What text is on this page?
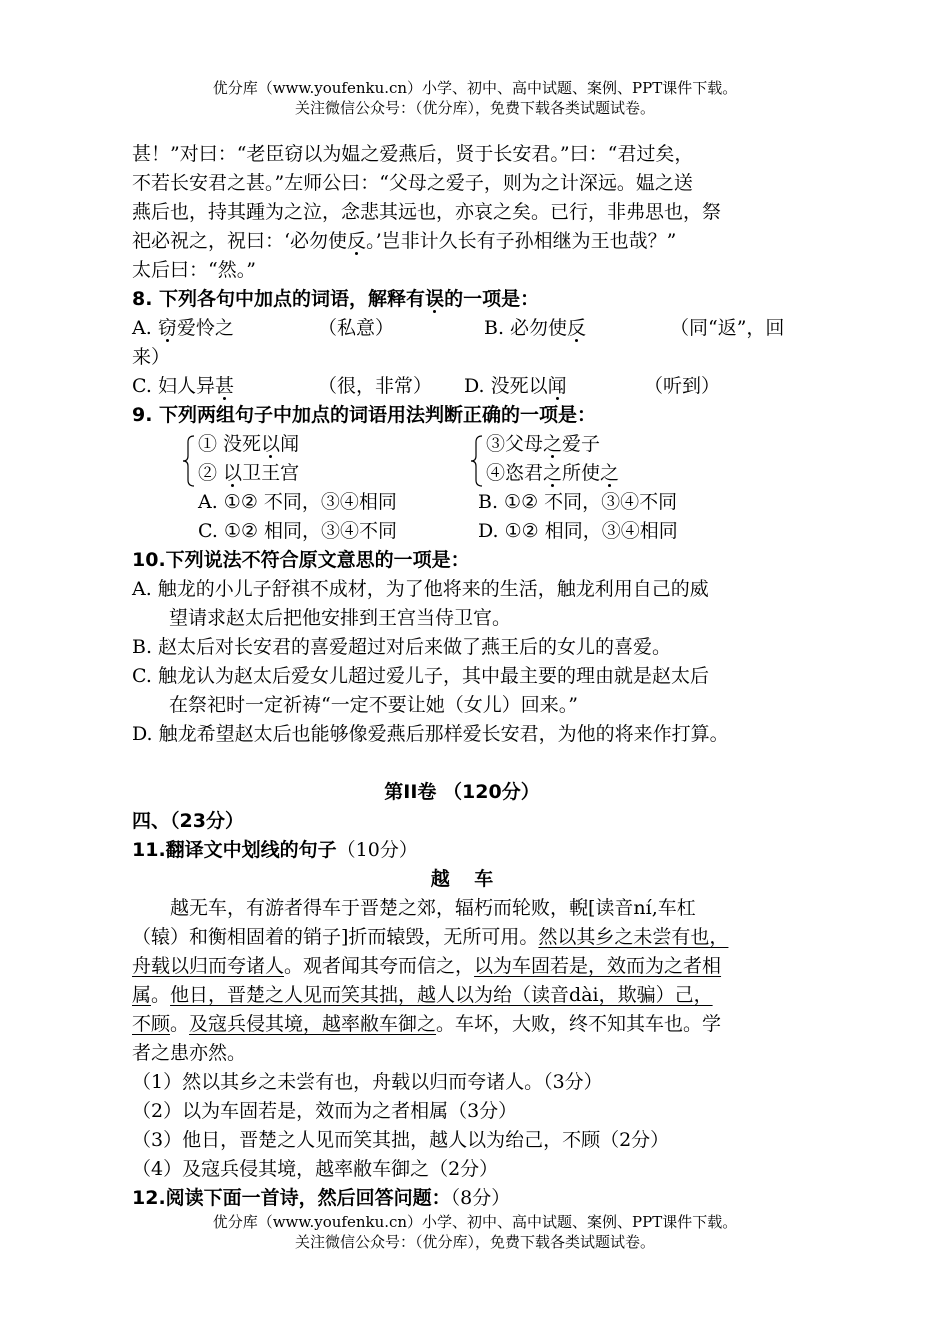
优分库（www.youfenku.cn）小学、初中、高中试题、案例、PPT课件下载。
关注微信公众号：（优分库），免费下载各类试题试卷。
甚！”对曰：“老臣窃以为媪之爱燕后，贤于长安君。”曰：“君过矣，
不若长安君之甚。”左师公曰：“父母之爱子，则为之计深远。媪之送
燕后也，持其踵为之泣，念悲其远也，亦哀之矣。已行，非弗思也，祭
祀必祝之，祝曰：‘必勿使反。’岂非计久长有子孙相继为王也哉？”
太后曰：“然。”
8. 下列各句中加点的词语，解释有误的一项是：
A. 窃爱怜之	（私意）	B. 必勿使反	（同“返”，回
来）
C. 妇人异甚	（很，非常） D. 没死以闻	（听到）
9. 下列两组句子中加点的词语用法判断正确的一项是：
① 没死以闻
② 以卫王宫
③父母之爱子
④恣君之所使之
A. ①② 不同，③④相同	B. ①② 不同，③④不同
C. ①② 相同，③④不同	D. ①② 相同，③④相同
10.下列说法不符合原文意思的一项是：
A. 触龙的小儿子舒祺不成材，为了他将来的生活，触龙利用自己的威
望请求赵太后把他安排到王宫当侍卫官。
B. 赵太后对长安君的喜爱超过对后来做了燕王后的女儿的喜爱。
C. 触龙认为赵太后爱女儿超过爱儿子，其中最主要的理由就是赵太后
在祭祀时一定祈祷“一定不要让她（女儿）回来。”
D. 触龙希望赵太后也能够像爱燕后那样爱长安君，为他的将来作打算。
第II卷 （120分）
四、（23分）
11.翻译文中划线的句子（10分）
越 车
越无车，有游者得车于晋楚之郊，辐朽而轮败，輗[读音ní,车杠
（辕）和衡相固着的销子]折而辕毁，无所可用。然以其乡之未尝有也，
舟载以归而夸诸人。观者闻其夸而信之，以为车固若是，效而为之者相
属。他日，晋楚之人见而笑其拙，越人以为绐（读音dài，欺骗）己，
不顾。及寇兵侵其境，越率敝车御之。车坏，大败，终不知其车也。学
者之患亦然。
（1）然以其乡之未尝有也，舟载以归而夸诸人。（3分）
（2）以为车固若是，效而为之者相属（3分）
（3）他日，晋楚之人见而笑其拙，越人以为绐己，不顾（2分）
（4）及寇兵侵其境，越率敝车御之（2分）
12.阅读下面一首诗，然后回答问题：（8分）
优分库（www.youfenku.cn）小学、初中、高中试题、案例、PPT课件下载。
关注微信公众号：（优分库），免费下载各类试题试卷。
